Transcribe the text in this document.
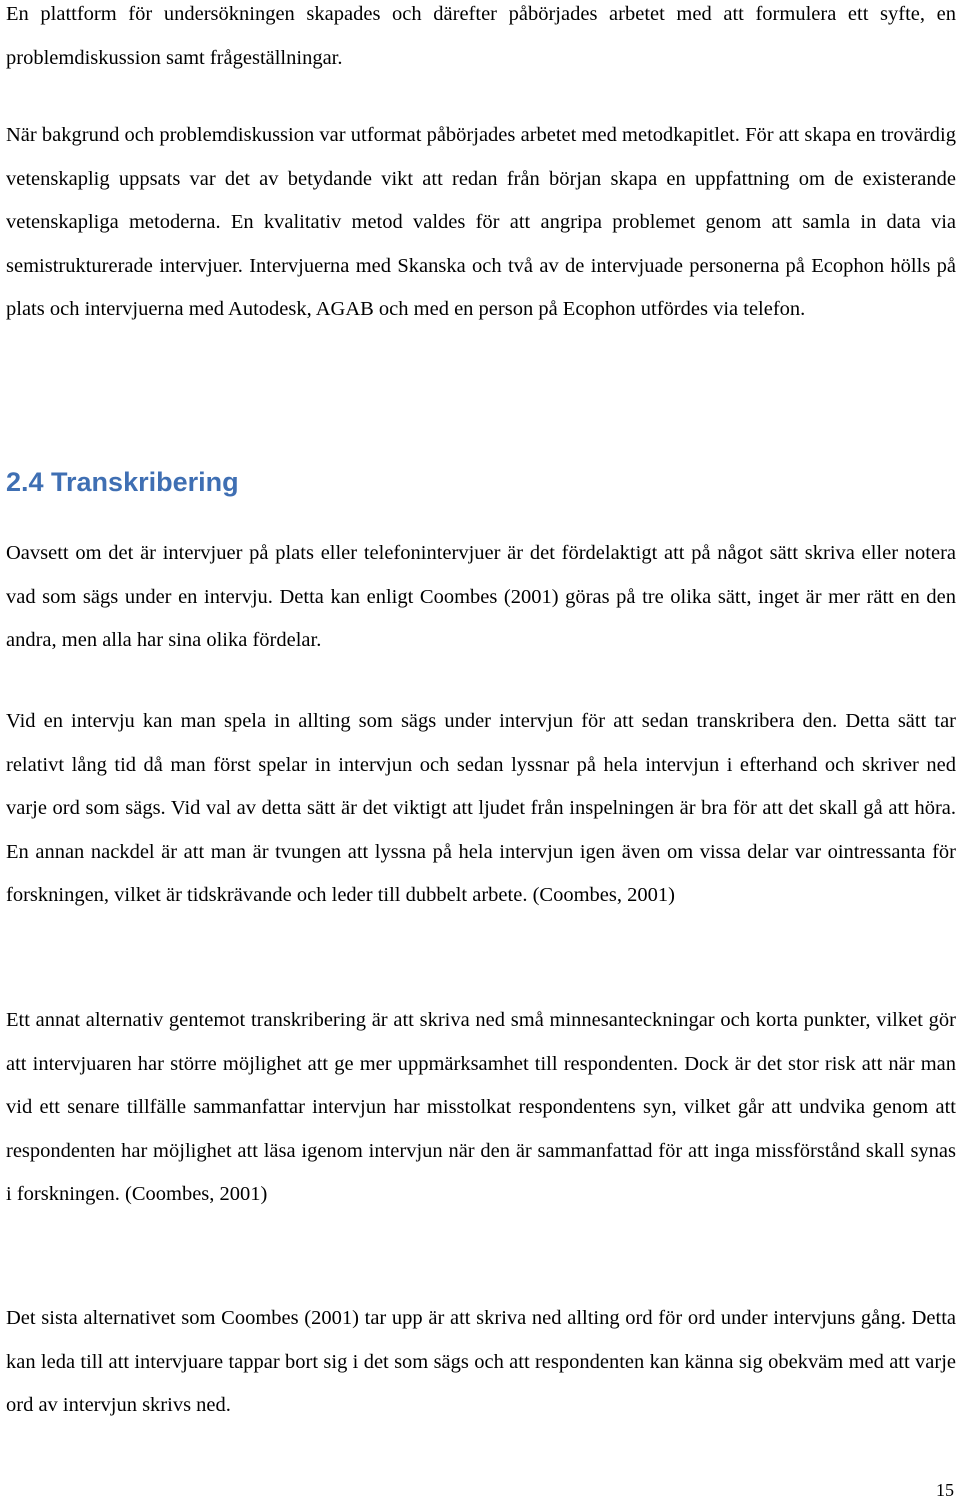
En plattform för undersökningen skapades och därefter påbörjades arbetet med att formulera ett syfte, en problemdiskussion samt frågeställningar.

När bakgrund och problemdiskussion var utformat påbörjades arbetet med metodkapitlet. För att skapa en trovärdig vetenskaplig uppsats var det av betydande vikt att redan från början skapa en uppfattning om de existerande vetenskapliga metoderna. En kvalitativ metod valdes för att angripa problemet genom att samla in data via semistrukturerade intervjuer. Intervjuerna med Skanska och två av de intervjuade personerna på Ecophon hölls på plats och intervjuerna med Autodesk, AGAB och med en person på Ecophon utfördes via telefon.

2.4 Transkribering

Oavsett om det är intervjuer på plats eller telefonintervjuer är det fördelaktigt att på något sätt skriva eller notera vad som sägs under en intervju. Detta kan enligt Coombes (2001) göras på tre olika sätt, inget är mer rätt en den andra, men alla har sina olika fördelar.

Vid en intervju kan man spela in allting som sägs under intervjun för att sedan transkribera den. Detta sätt tar relativt lång tid då man först spelar in intervjun och sedan lyssnar på hela intervjun i efterhand och skriver ned varje ord som sägs. Vid val av detta sätt är det viktigt att ljudet från inspelningen är bra för att det skall gå att höra. En annan nackdel är att man är tvungen att lyssna på hela intervjun igen även om vissa delar var ointressanta för forskningen, vilket är tidskrävande och leder till dubbelt arbete. (Coombes, 2001)

Ett annat alternativ gentemot transkribering är att skriva ned små minnesanteckningar och korta punkter, vilket gör att intervjuaren har större möjlighet att ge mer uppmärksamhet till respondenten. Dock är det stor risk att när man vid ett senare tillfälle sammanfattar intervjun har misstolkat respondentens syn, vilket går att undvika genom att respondenten har möjlighet att läsa igenom intervjun när den är sammanfattad för att inga missförstånd skall synas i forskningen. (Coombes, 2001)

Det sista alternativet som Coombes (2001) tar upp är att skriva ned allting ord för ord under intervjuns gång. Detta kan leda till att intervjuare tappar bort sig i det som sägs och att respondenten kan känna sig obekväm med att varje ord av intervjun skrivs ned.

15
